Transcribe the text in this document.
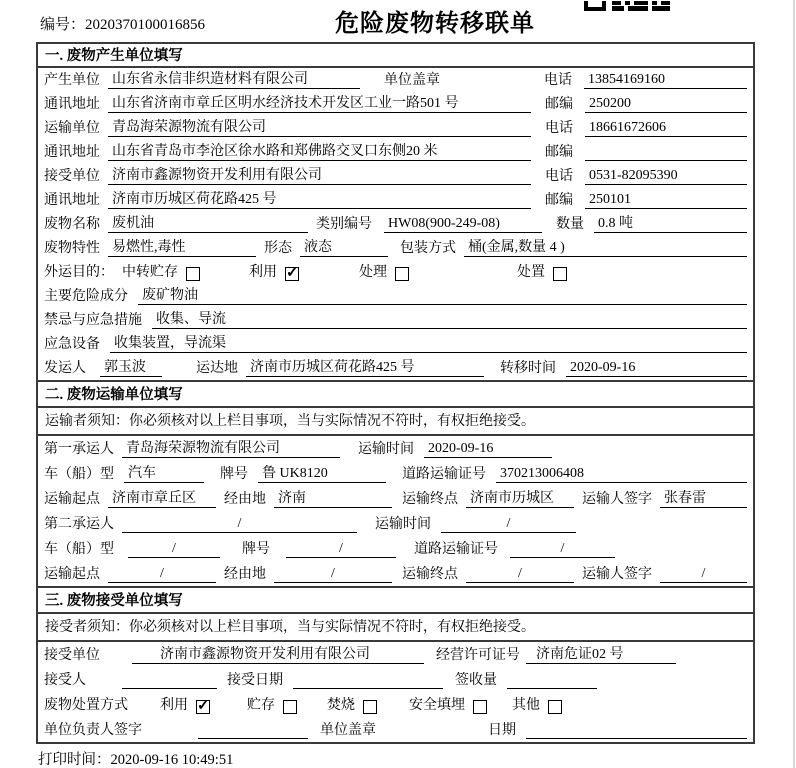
编号：2020370100016856	危险废物转移联单
一. 废物产生单位填写
产生单位 山东省永信非织造材料有限公司	单位盖章	电话 13854169160
通讯地址 山东省济南市章丘区明水经济技术开发区工业一路501 号	邮编 250200
运输单位 青岛海荣源物流有限公司	电话 18661672606
通讯地址 山东省青岛市李沧区徐水路和郑佛路交叉口东侧20 米	邮编
接受单位 济南市鑫源物资开发利用有限公司	电话 0531-82095390
通讯地址 济南市历城区荷花路425 号	邮编 250101
废物名称 废机油	类别编号 HW08(900-249-08)	数量 0.8 吨
废物特性 易燃性,毒性	形态 液态	包装方式 桶(金属,数量 4 )
外运目的： 中转贮存	利用 ✓	处理	处置
主要危险成分 废矿物油
禁忌与应急措施 收集、导流
应急设备 收集装置，导流渠
发运人 郭玉波	运达地 济南市历城区荷花路425 号	转移时间 2020-09-16
二. 废物运输单位填写
运输者须知：你必须核对以上栏目事项，当与实际情况不符时，有权拒绝接受。
第一承运人 青岛海荣源物流有限公司	运输时间 2020-09-16
车（船）型 汽车	牌号 鲁 UK8120	道路运输证号 370213006408
运输起点 济南市章丘区	经由地 济南	运输终点 济南市历城区	运输人签字 张春雷
第二承运人	/	运输时间	/
车（船）型	/	牌号	/	道路运输证号	/
运输起点	/	经由地	/	运输终点	/	运输人签字	/
三. 废物接受单位填写
接受者须知：你必须核对以上栏目事项，当与实际情况不符时，有权拒绝接受。
接受单位	济南市鑫源物资开发利用有限公司	经营许可证号	济南危证02 号
接受人	接受日期	签收量
废物处置方式 利用 ✓	贮存	焚烧	安全填埋	其他
单位负责人签字	单位盖章	日期
打印时间：2020-09-16 10:49:51
